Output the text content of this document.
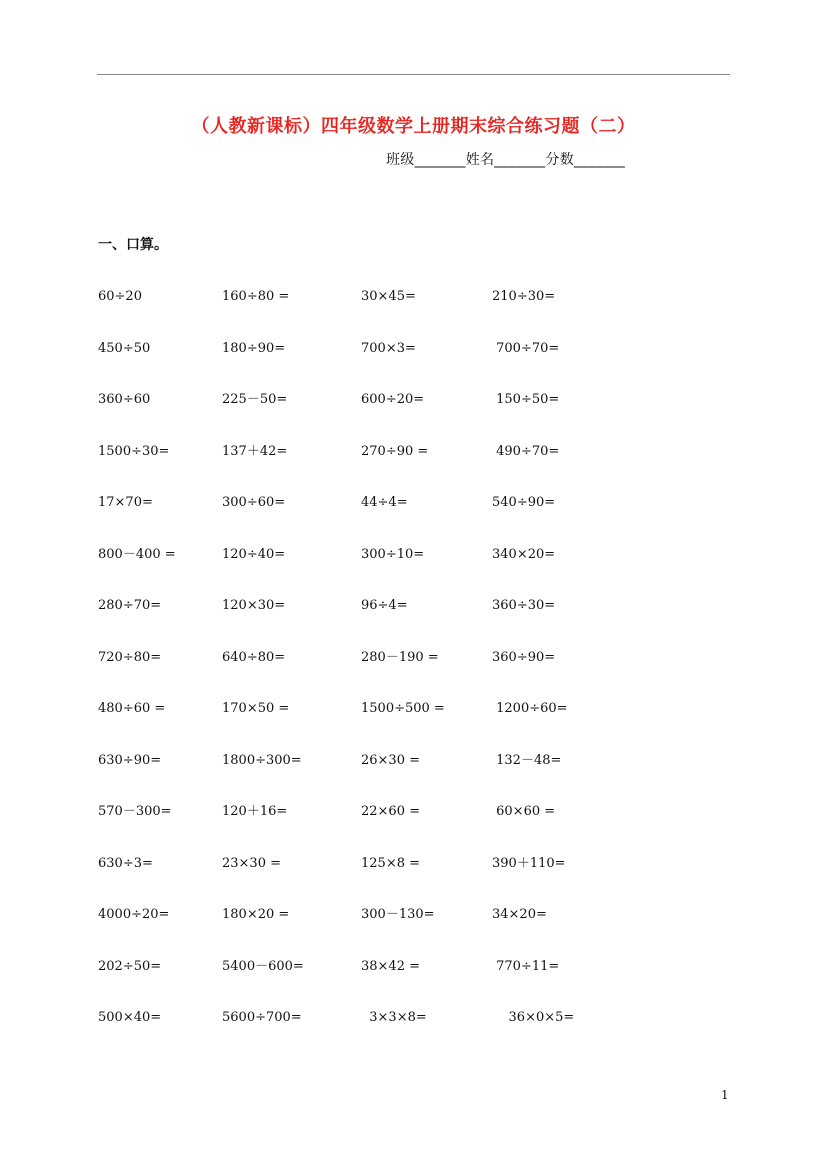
（人教新课标）四年级数学上册期末综合练习题（二）
班级_______姓名_______分数_______
一、口算。
60÷20	160÷80 =	30×45=	210÷30=
450÷50	180÷90=	700×3=	700÷70=
360÷60	225－50=	600÷20=	150÷50=
1500÷30=	137＋42=	270÷90 =	490÷70=
17×70=	300÷60=	44÷4=	540÷90=
800－400 =	120÷40=	300÷10=	340×20=
280÷70=	120×30=	96÷4=	360÷30=
720÷80=	640÷80=	280－190 =	360÷90=
480÷60 =	170×50 =	1500÷500 =	1200÷60=
630÷90=	1800÷300=	26×30 =	132－48=
570－300=	120＋16=	22×60 =	60×60 =
630÷3=	23×30 =	125×8 =	390＋110=
4000÷20=	180×20 =	300－130=	34×20=
202÷50=	5400－600=	38×42 =	770÷11=
500×40=	5600÷700=	3×3×8=	36×0×5=
1
